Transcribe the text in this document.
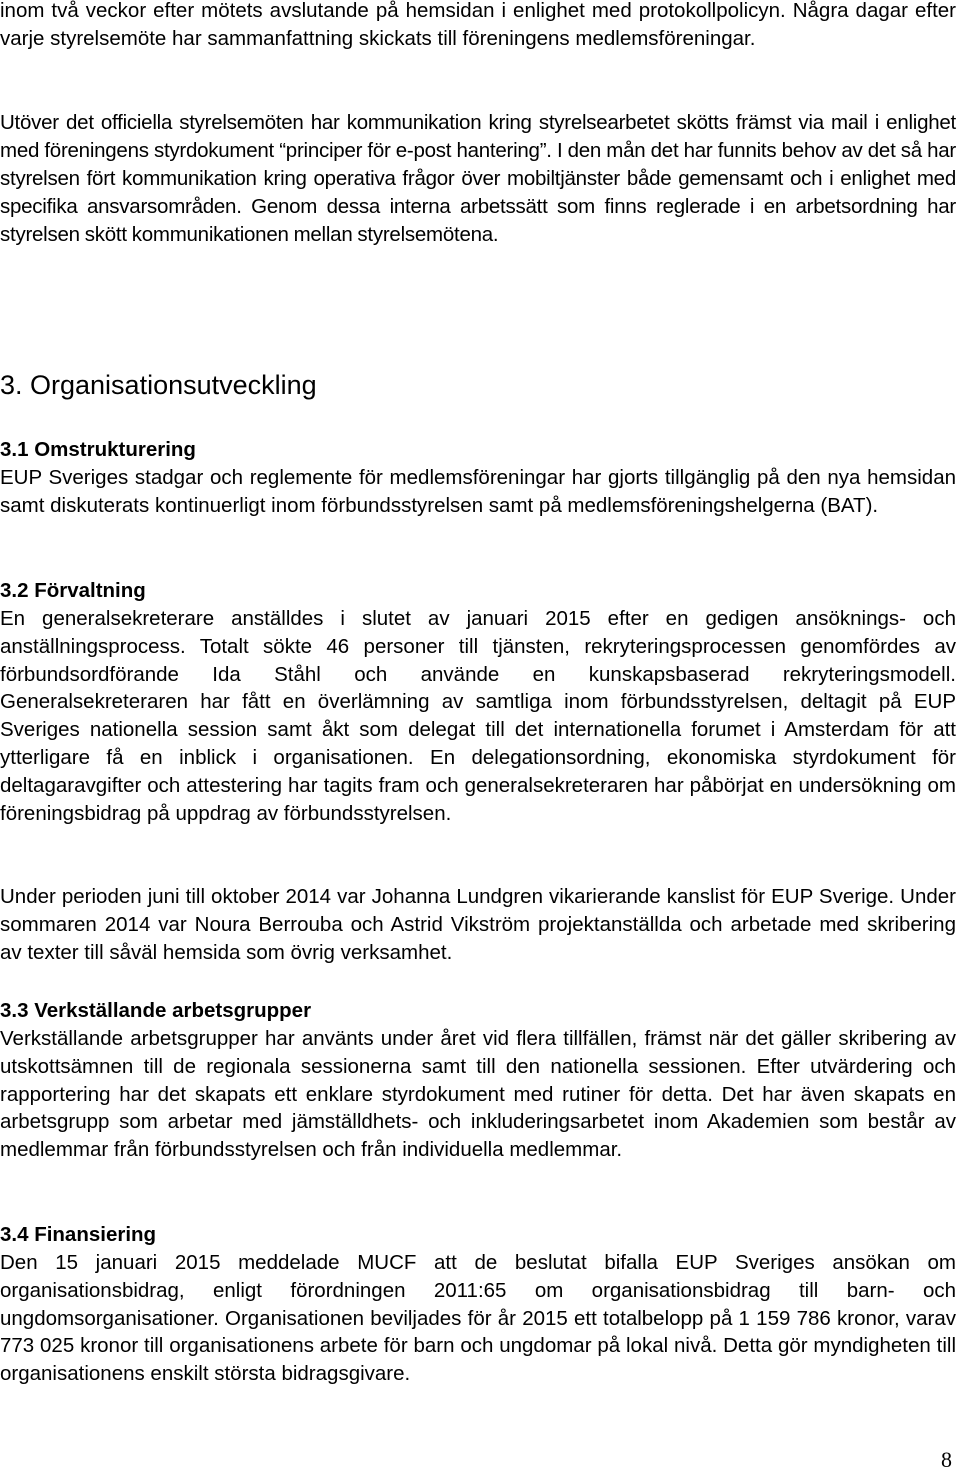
inom två veckor efter mötets avslutande på hemsidan i enlighet med protokollpolicyn. Några dagar efter varje styrelsemöte har sammanfattning skickats till föreningens medlemsföreningar.

Utöver det officiella styrelsemöten har kommunikation kring styrelsearbetet skötts främst via mail i enlighet med föreningens styrdokument “principer för e-post hantering”. I den mån det har funnits behov av det så har styrelsen fört kommunikation kring operativa frågor över mobiltjänster både gemensamt och i enlighet med specifika ansvarsområden. Genom dessa interna arbetssätt som finns reglerade i en arbetsordning har styrelsen skött kommunikationen mellan styrelsemötena.

3. Organisationsutveckling
3.1 Omstrukturering

EUP Sveriges stadgar och reglemente för medlemsföreningar har gjorts tillgänglig på den nya hemsidan samt diskuterats kontinuerligt inom förbundsstyrelsen samt på medlemsföreningshelgerna (BAT).

3.2 Förvaltning

En generalsekreterare anställdes i slutet av januari 2015 efter en gedigen ansöknings- och anställningsprocess. Totalt sökte 46 personer till tjänsten, rekryteringsprocessen genomfördes av förbundsordförande Ida Ståhl och använde en kunskapsbaserad rekryteringsmodell. Generalsekreteraren har fått en överlämning av samtliga inom förbundsstyrelsen, deltagit på EUP Sveriges nationella session samt åkt som delegat till det internationella forumet i Amsterdam för att ytterligare få en inblick i organisationen. En delegationsordning, ekonomiska styrdokument för deltagaravgifter och attestering har tagits fram och generalsekreteraren har påbörjat en undersökning om föreningsbidrag på uppdrag av förbundsstyrelsen.

Under perioden juni till oktober 2014 var Johanna Lundgren vikarierande kanslist för EUP Sverige. Under sommaren 2014 var Noura Berrouba och Astrid Vikström projektanställda och arbetade med skribering av texter till såväl hemsida som övrig verksamhet.

3.3 Verkställande arbetsgrupper

Verkställande arbetsgrupper har använts under året vid flera tillfällen, främst när det gäller skribering av utskottsämnen till de regionala sessionerna samt till den nationella sessionen. Efter utvärdering och rapportering har det skapats ett enklare styrdokument med rutiner för detta. Det har även skapats en arbetsgrupp som arbetar med jämställdhets- och inkluderingsarbetet inom Akademien som består av medlemmar från förbundsstyrelsen och från individuella medlemmar.

3.4 Finansiering

Den 15 januari 2015 meddelade MUCF att de beslutat bifalla EUP Sveriges ansökan om organisationsbidrag, enligt förordningen 2011:65 om organisationsbidrag till barn- och ungdomsorganisationer. Organisationen beviljades för år 2015 ett totalbelopp på 1 159 786 kronor, varav 773 025 kronor till organisationens arbete för barn och ungdomar på lokal nivå. Detta gör myndigheten till organisationens enskilt största bidragsgivare.

8
